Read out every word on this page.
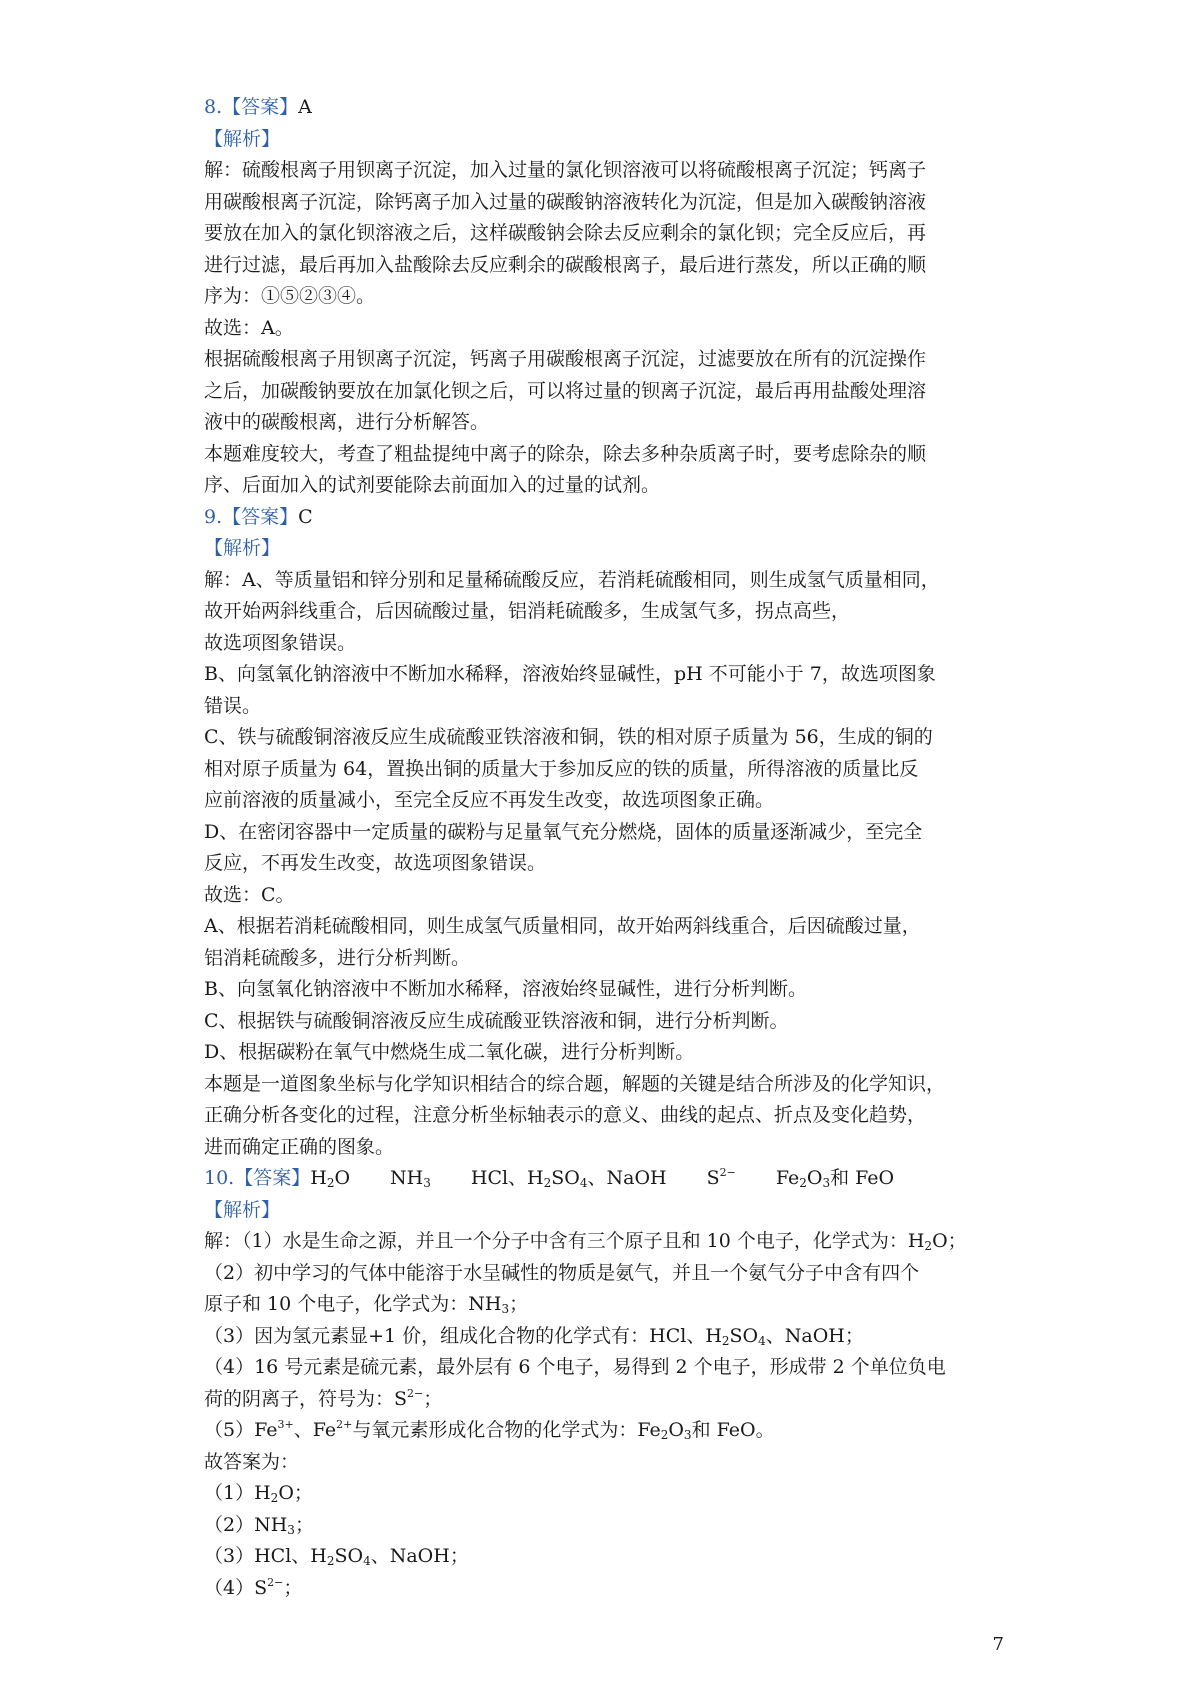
8.【答案】A
【解析】
解：硫酸根离子用钡离子沉淀，加入过量的氯化钡溶液可以将硫酸根离子沉淀；钙离子
用碳酸根离子沉淀，除钙离子加入过量的碳酸钠溶液转化为沉淀，但是加入碳酸钠溶液
要放在加入的氯化钡溶液之后，这样碳酸钠会除去反应剩余的氯化钡；完全反应后，再
进行过滤，最后再加入盐酸除去反应剩余的碳酸根离子，最后进行蒸发，所以正确的顺
序为：①⑤②③④。
故选：A。
根据硫酸根离子用钡离子沉淀，钙离子用碳酸根离子沉淀，过滤要放在所有的沉淀操作
之后，加碳酸钠要放在加氯化钡之后，可以将过量的钡离子沉淀，最后再用盐酸处理溶
液中的碳酸根离，进行分析解答。
本题难度较大，考查了粗盐提纯中离子的除杂，除去多种杂质离子时，要考虑除杂的顺
序、后面加入的试剂要能除去前面加入的过量的试剂。
9.【答案】C
【解析】
解：A、等质量铝和锌分别和足量稀硫酸反应，若消耗硫酸相同，则生成氢气质量相同，
故开始两斜线重合，后因硫酸过量，铝消耗硫酸多，生成氢气多，拐点高些，
故选项图象错误。
B、向氢氧化钠溶液中不断加水稀释，溶液始终显碱性，pH 不可能小于 7，故选项图象
错误。
C、铁与硫酸铜溶液反应生成硫酸亚铁溶液和铜，铁的相对原子质量为 56，生成的铜的
相对原子质量为 64，置换出铜的质量大于参加反应的铁的质量，所得溶液的质量比反
应前溶液的质量减小，至完全反应不再发生改变，故选项图象正确。
D、在密闭容器中一定质量的碳粉与足量氧气充分燃烧，固体的质量逐渐减少，至完全
反应，不再发生改变，故选项图象错误。
故选：C。
A、根据若消耗硫酸相同，则生成氢气质量相同，故开始两斜线重合，后因硫酸过量，
铝消耗硫酸多，进行分析判断。
B、向氢氧化钠溶液中不断加水稀释，溶液始终显碱性，进行分析判断。
C、根据铁与硫酸铜溶液反应生成硫酸亚铁溶液和铜，进行分析判断。
D、根据碳粉在氧气中燃烧生成二氧化碳，进行分析判断。
本题是一道图象坐标与化学知识相结合的综合题，解题的关键是结合所涉及的化学知识，
正确分析各变化的过程，注意分析坐标轴表示的意义、曲线的起点、折点及变化趋势，
进而确定正确的图象。
10.【答案】$H_2O$ $NH_3$ HCl、$H_2SO_4$、NaOH $S^{2-}$ $Fe_2O_3$和 FeO
【解析】
解：（1）水是生命之源，并且一个分子中含有三个原子且和 10 个电子，化学式为：$H_2O$；
（2）初中学习的气体中能溶于水呈碱性的物质是氨气，并且一个氨气分子中含有四个
原子和 10 个电子，化学式为：$NH_3$；
（3）因为氢元素显+1 价，组成化合物的化学式有：HCl、$H_2SO_4$、NaOH；
（4）16 号元素是硫元素，最外层有 6 个电子，易得到 2 个电子，形成带 2 个单位负电
荷的阴离子，符号为：$S^{2-}$；
$(5)Fe^{3+}$、$Fe^{2+}$与氧元素形成化合物的化学式为：$Fe_2O_3$和 FeO。
故答案为：
$(1)H_2O$；
$(2)NH_3$；
（3）HCl、$H_2SO_4$、NaOH；
$(4)S^{2-}$；
7
